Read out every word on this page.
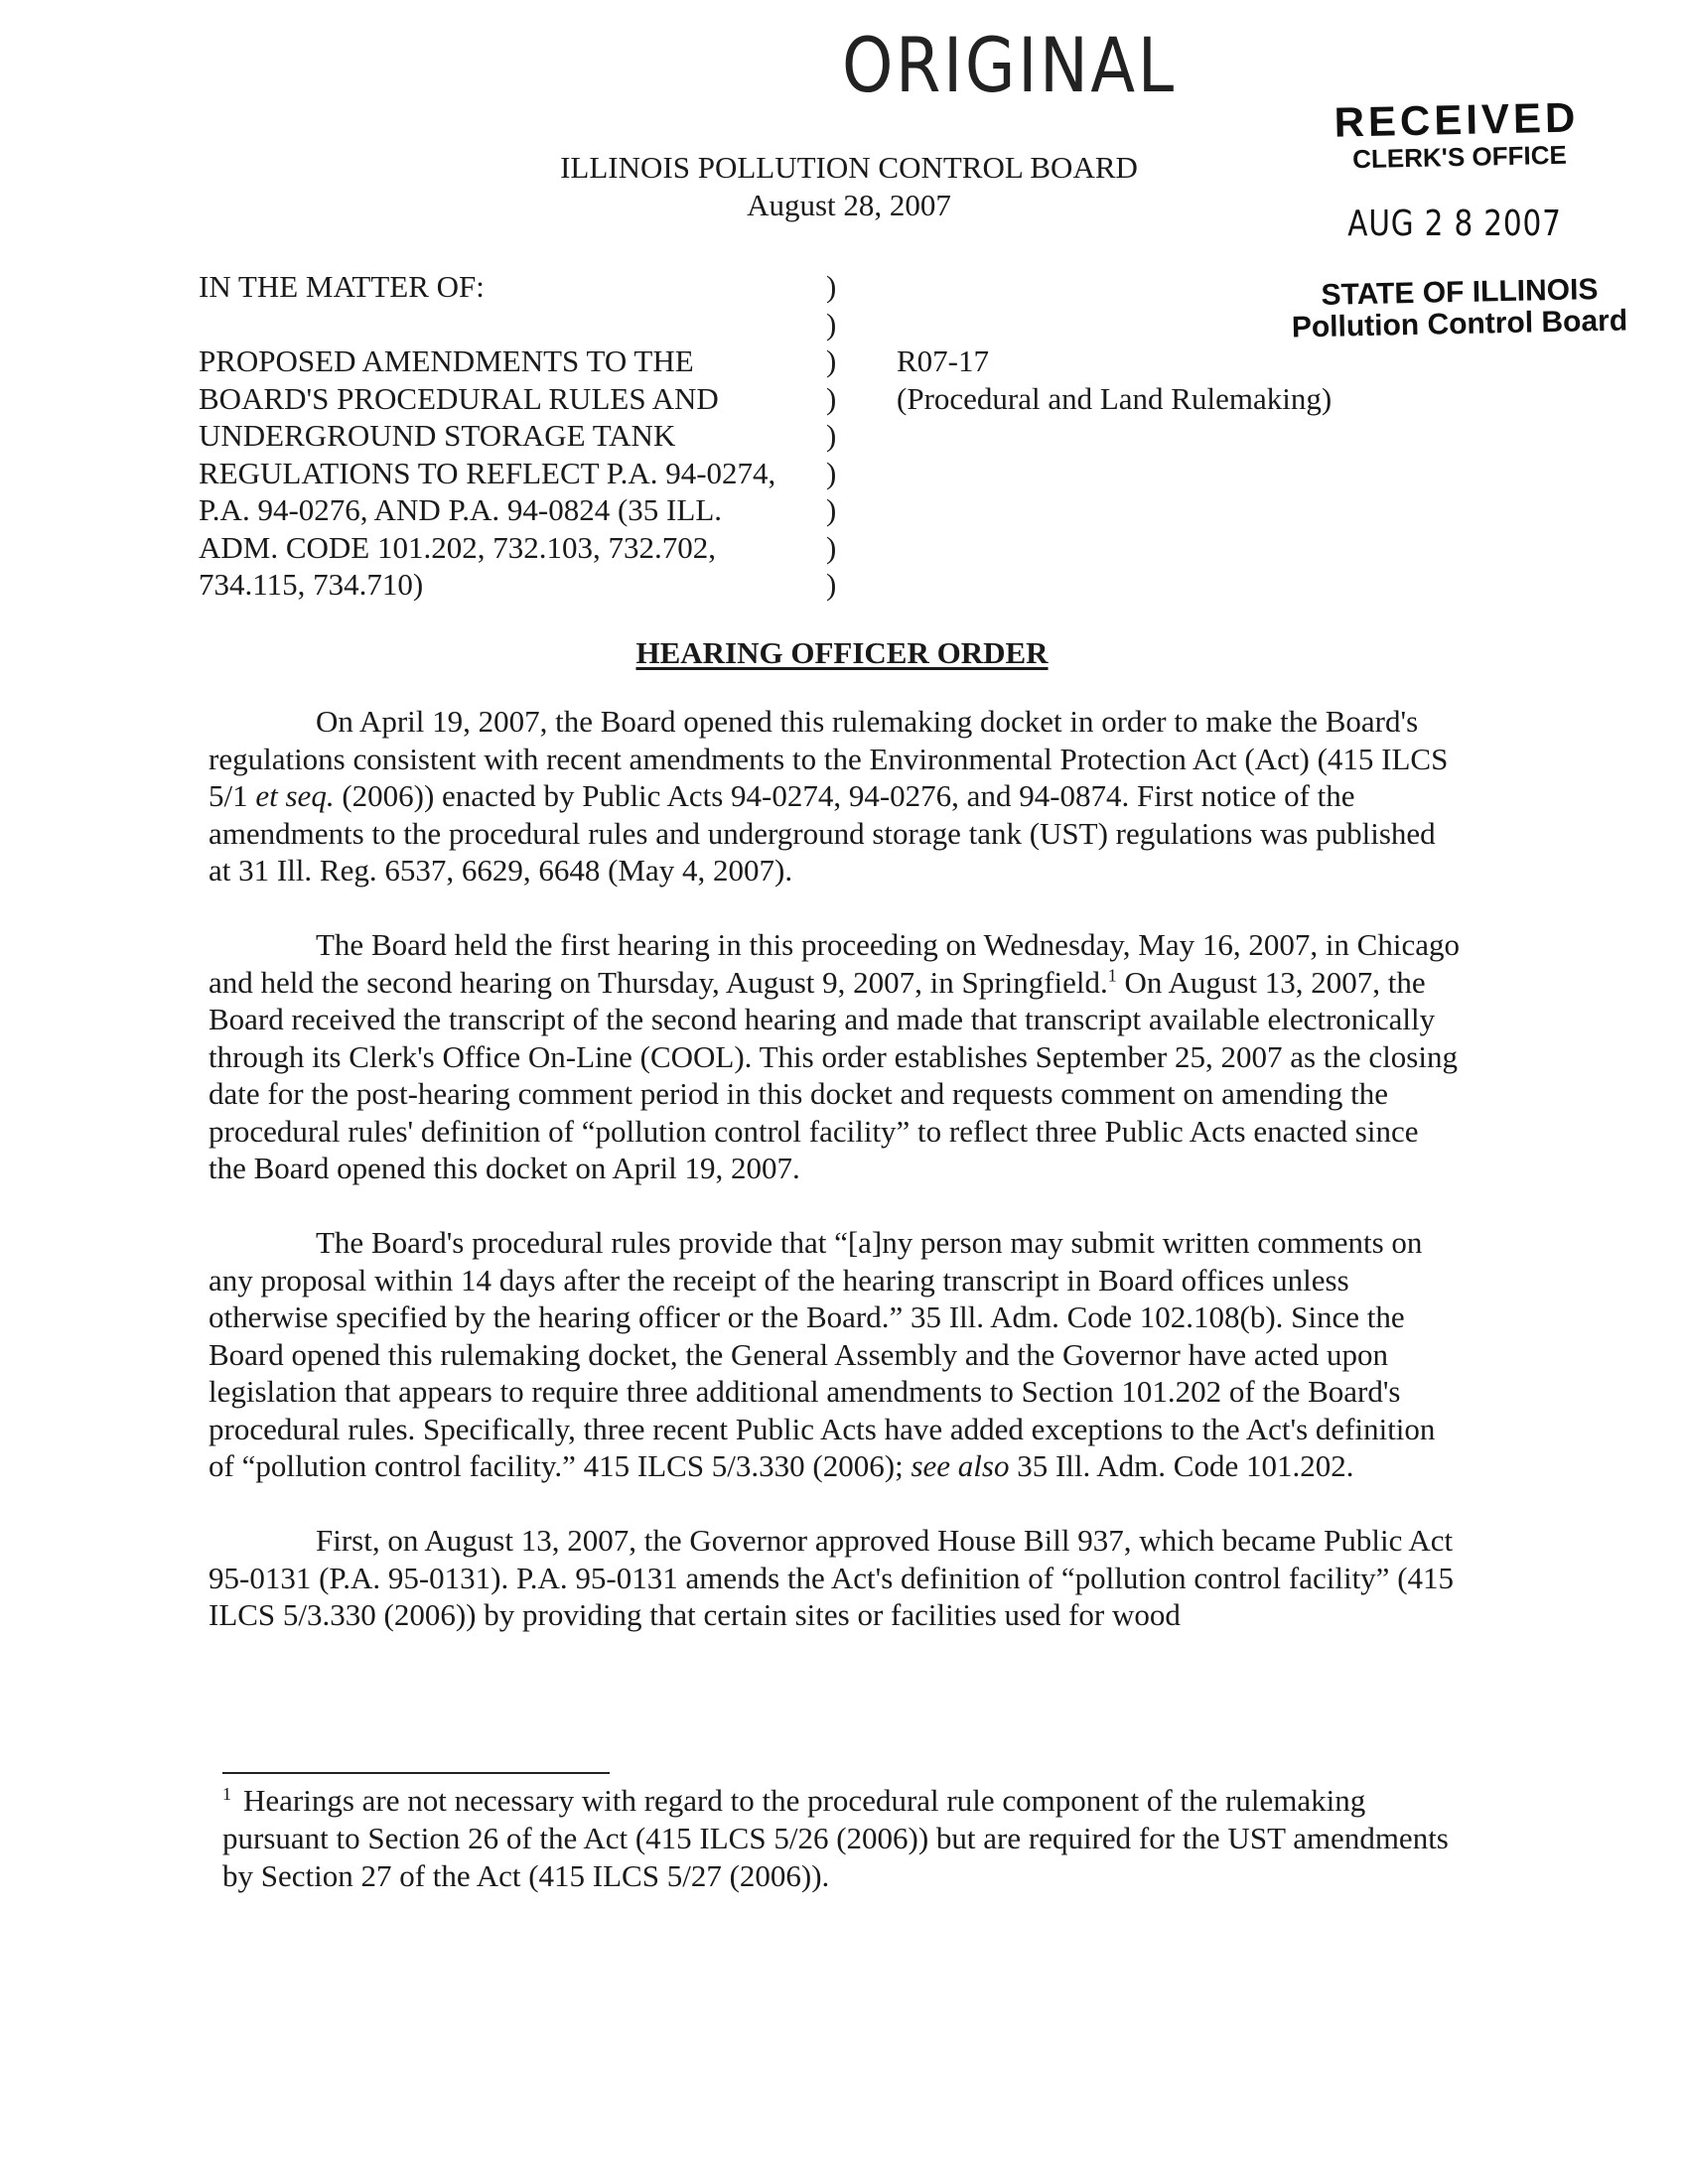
ORIGINAL
RECEIVED
CLERK'S OFFICE
AUG 2 8 2007
STATE OF ILLINOIS
Pollution Control Board
ILLINOIS POLLUTION CONTROL BOARD
August 28, 2007
IN THE MATTER OF:	)
)
PROPOSED AMENDMENTS TO THE	) R07-17
BOARD'S PROCEDURAL RULES AND	) (Procedural and Land Rulemaking)
UNDERGROUND STORAGE TANK	)
REGULATIONS TO REFLECT P.A. 94-0274, )
P.A. 94-0276, AND P.A. 94-0824 (35 ILL.	)
ADM. CODE 101.202, 732.103, 732.702,	)
734.115, 734.710)	)
HEARING OFFICER ORDER

On April 19, 2007, the Board opened this rulemaking docket in order to make the Board's regulations consistent with recent amendments to the Environmental Protection Act (Act) (415 ILCS 5/1 et seq. (2006)) enacted by Public Acts 94-0274, 94-0276, and 94-0874. First notice of the amendments to the procedural rules and underground storage tank (UST) regulations was published at 31 Ill. Reg. 6537, 6629, 6648 (May 4, 2007).

The Board held the first hearing in this proceeding on Wednesday, May 16, 2007, in Chicago and held the second hearing on Thursday, August 9, 2007, in Springfield.$^1$ On August 13, 2007, the Board received the transcript of the second hearing and made that transcript available electronically through its Clerk's Office On-Line (COOL). This order establishes September 25, 2007 as the closing date for the post-hearing comment period in this docket and requests comment on amending the procedural rules' definition of “pollution control facility” to reflect three Public Acts enacted since the Board opened this docket on April 19, 2007.

The Board's procedural rules provide that “[a]ny person may submit written comments on any proposal within 14 days after the receipt of the hearing transcript in Board offices unless otherwise specified by the hearing officer or the Board.” 35 Ill. Adm. Code 102.108(b). Since the Board opened this rulemaking docket, the General Assembly and the Governor have acted upon legislation that appears to require three additional amendments to Section 101.202 of the Board's procedural rules. Specifically, three recent Public Acts have added exceptions to the Act's definition of “pollution control facility.” 415 ILCS 5/3.330 (2006); see also 35 Ill. Adm. Code 101.202.

First, on August 13, 2007, the Governor approved House Bill 937, which became Public Act 95-0131 (P.A. 95-0131). P.A. 95-0131 amends the Act's definition of “pollution control facility” (415 ILCS 5/3.330 (2006)) by providing that certain sites or facilities used for wood

$^1$ Hearings are not necessary with regard to the procedural rule component of the rulemaking pursuant to Section 26 of the Act (415 ILCS 5/26 (2006)) but are required for the UST amendments by Section 27 of the Act (415 ILCS 5/27 (2006)).
